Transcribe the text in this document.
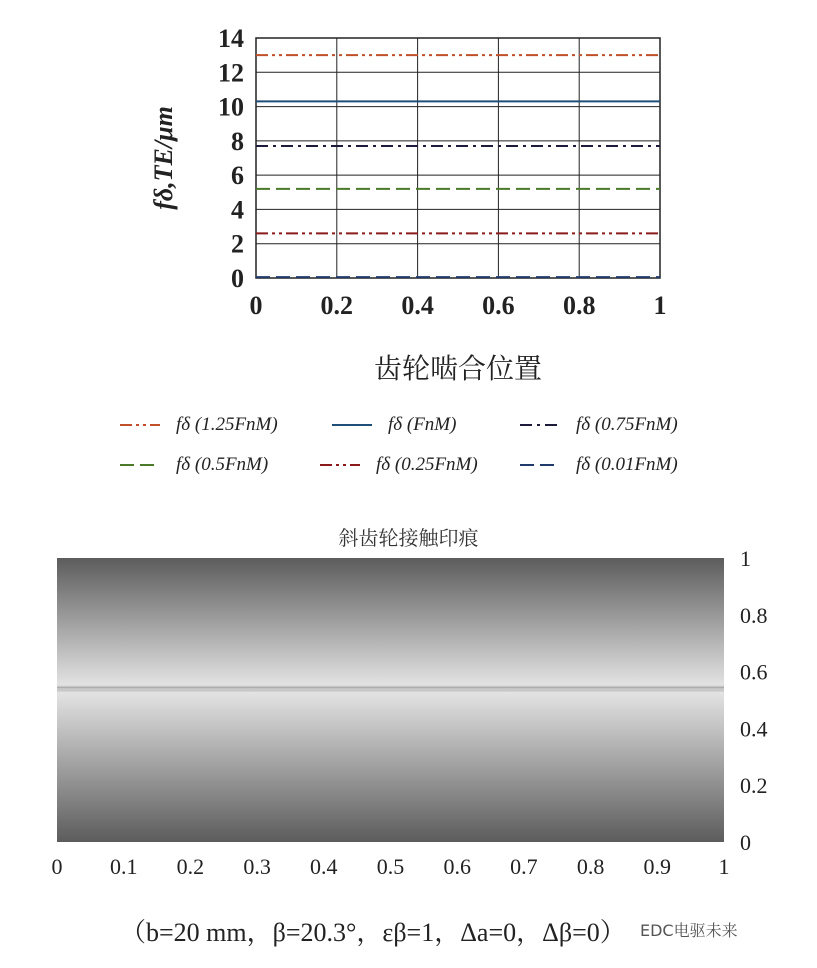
0
2
4
6
8
10
12
14
0 0.2 0.4 0.6 0.8 1
fδ,TE/μm
齿轮啮合位置
fδ (1.25FnM)	fδ (FnM)	fδ (0.75FnM)
fδ (0.5FnM)	fδ (0.25FnM)	fδ (0.01FnM)
斜齿轮接触印痕
0
0.2
0.4
0.6
0.8
1
0 0.1 0.2 0.3 0.4 0.5 0.6 0.7 0.8 0.9 1
（b=20 mm，β=20.3°，εβ=1，Δa=0，Δβ=0） EDC电驱未来
